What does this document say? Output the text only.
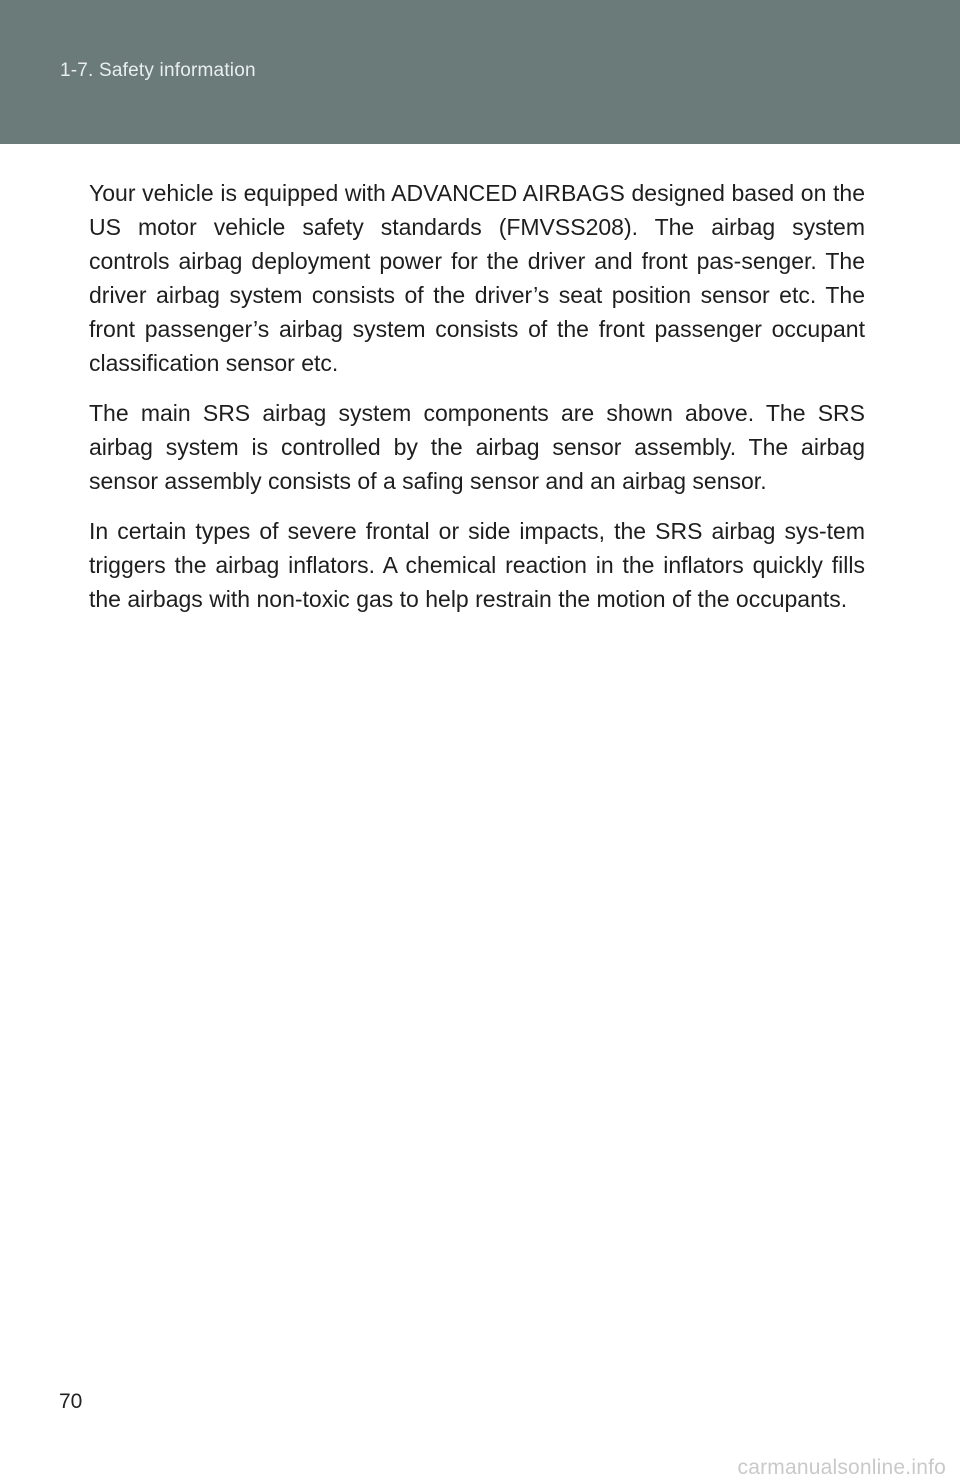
1-7. Safety information

Your vehicle is equipped with ADVANCED AIRBAGS designed based on the US motor vehicle safety standards (FMVSS208). The airbag system controls airbag deployment power for the driver and front pas-senger. The driver airbag system consists of the driver’s seat position sensor etc. The front passenger’s airbag system consists of the front passenger occupant classification sensor etc.

The main SRS airbag system components are shown above. The SRS airbag system is controlled by the airbag sensor assembly. The airbag sensor assembly consists of a safing sensor and an airbag sensor.

In certain types of severe frontal or side impacts, the SRS airbag sys-tem triggers the airbag inflators. A chemical reaction in the inflators quickly fills the airbags with non-toxic gas to help restrain the motion of the occupants.

70
carmanualsonline.info
